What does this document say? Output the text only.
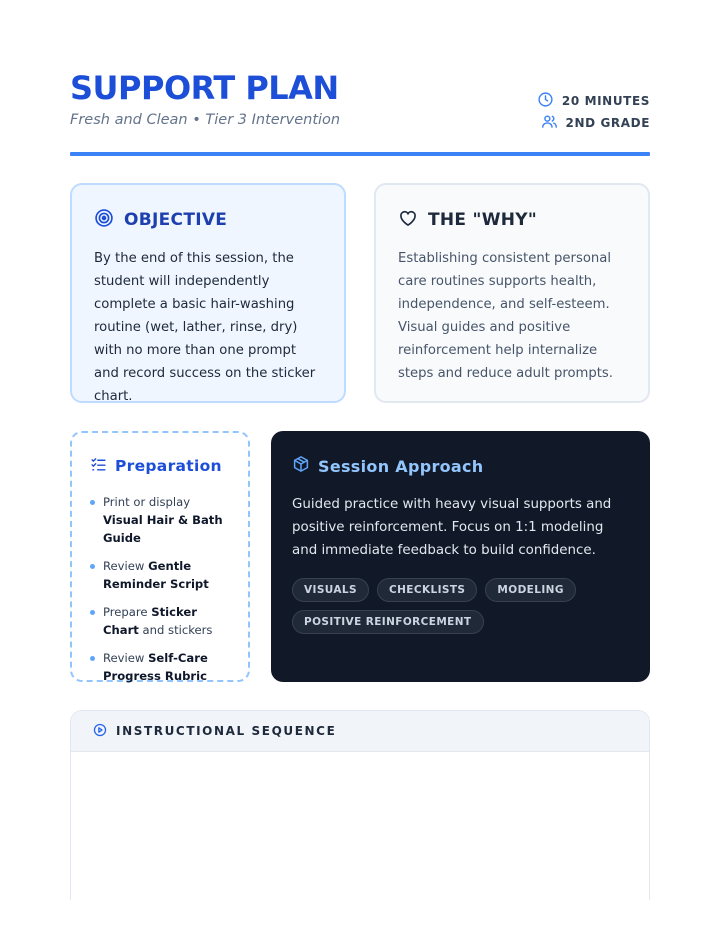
SUPPORT PLAN
Fresh and Clean • Tier 3 Intervention
20 MINUTES
2ND GRADE
OBJECTIVE
By the end of this session, the student will independently complete a basic hair-washing routine (wet, lather, rinse, dry) with no more than one prompt and record success on the sticker chart.
THE "WHY"
Establishing consistent personal care routines supports health, independence, and self-esteem. Visual guides and positive reinforcement help internalize steps and reduce adult prompts.
Preparation
Print or display Visual Hair & Bath Guide
Review Gentle Reminder Script
Prepare Sticker Chart and stickers
Review Self-Care Progress Rubric
Session Approach
Guided practice with heavy visual supports and positive reinforcement. Focus on 1:1 modeling and immediate feedback to build confidence.
VISUALS	CHECKLISTS	MODELING
POSITIVE REINFORCEMENT
INSTRUCTIONAL SEQUENCE
